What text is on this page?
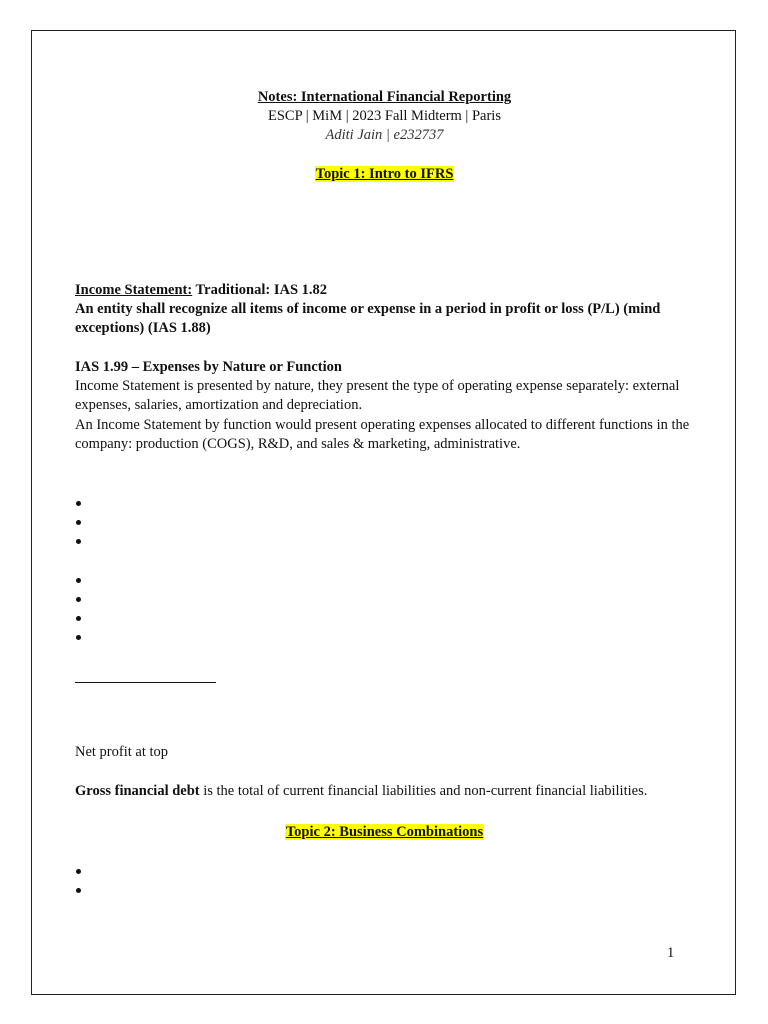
Notes: International Financial Reporting
ESCP | MiM | 2023 Fall Midterm | Paris
Aditi Jain | e232737
Topic 1: Intro to IFRS
Income Statement: Traditional: IAS 1.82
An entity shall recognize all items of income or expense in a period in profit or loss (P/L) (mind exceptions) (IAS 1.88)
IAS 1.99 – Expenses by Nature or Function
Income Statement is presented by nature, they present the type of operating expense separately: external expenses, salaries, amortization and depreciation.
An Income Statement by function would present operating expenses allocated to different functions in the company: production (COGS), R&D, and sales & marketing, administrative.
Net profit at top
Gross financial debt is the total of current financial liabilities and non-current financial liabilities.
Topic 2: Business Combinations
1
